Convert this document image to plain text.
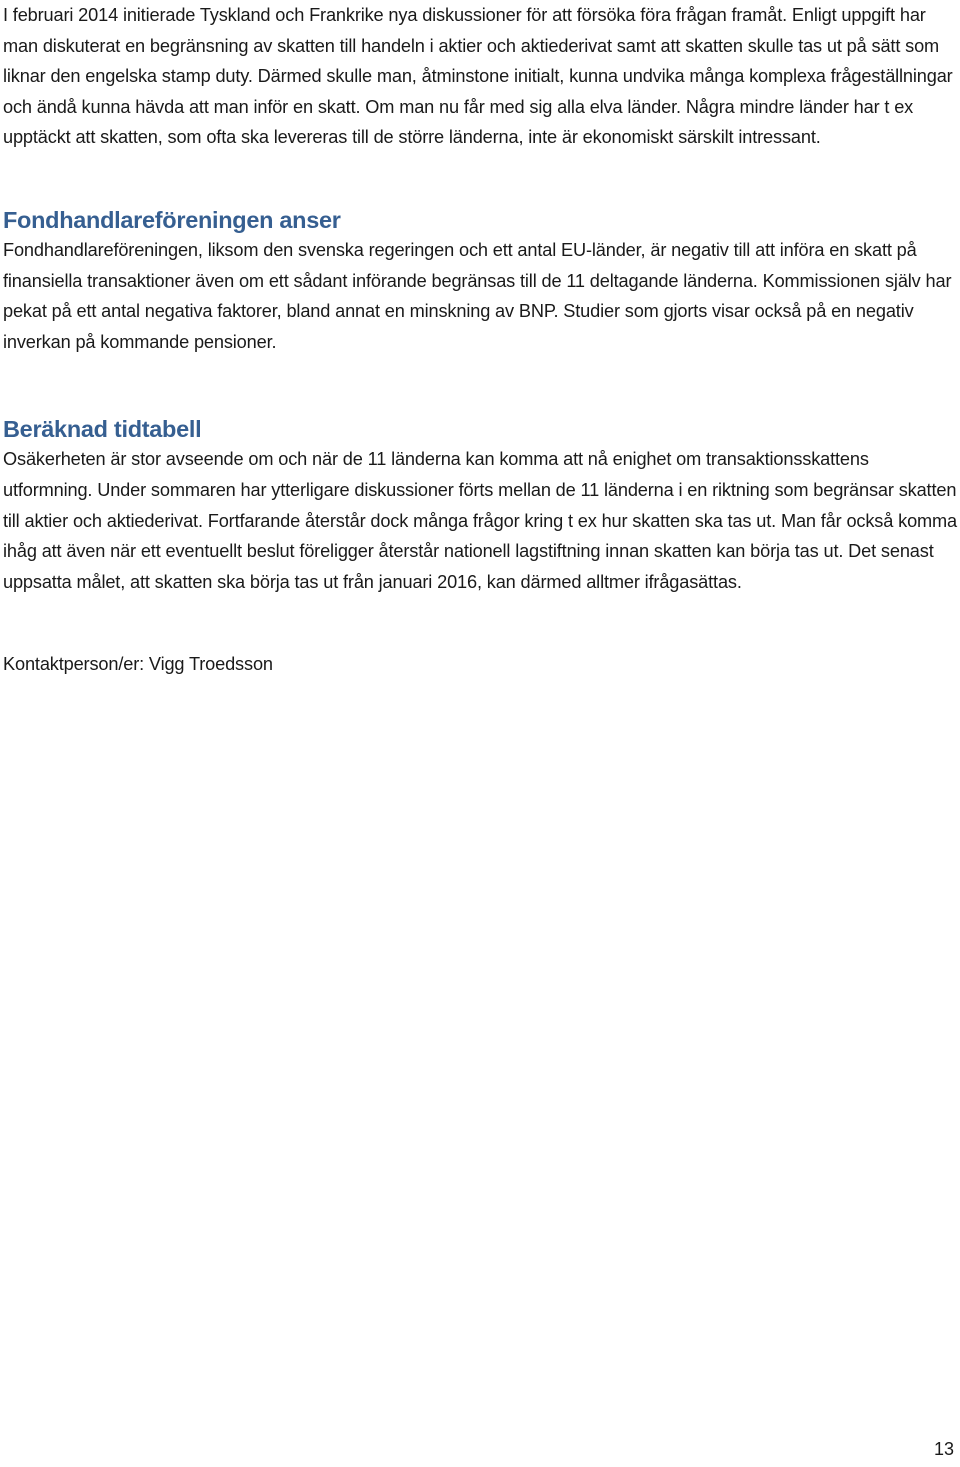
I februari 2014 initierade Tyskland och Frankrike nya diskussioner för att försöka föra frågan framåt. Enligt uppgift har man diskuterat en begränsning av skatten till handeln i aktier och aktiederivat samt att skatten skulle tas ut på sätt som liknar den engelska stamp duty. Därmed skulle man, åtminstone initialt, kunna undvika många komplexa frågeställningar och ändå kunna hävda att man inför en skatt. Om man nu får med sig alla elva länder. Några mindre länder har t ex upptäckt att skatten, som ofta ska levereras till de större länderna, inte är ekonomiskt särskilt intressant.

Fondhandlareföreningen anser

Fondhandlareföreningen, liksom den svenska regeringen och ett antal EU-länder, är negativ till att införa en skatt på finansiella transaktioner även om ett sådant införande begränsas till de 11 deltagande länderna. Kommissionen själv har pekat på ett antal negativa faktorer, bland annat en minskning av BNP. Studier som gjorts visar också på en negativ inverkan på kommande pensioner.

Beräknad tidtabell

Osäkerheten är stor avseende om och när de 11 länderna kan komma att nå enighet om transaktionsskattens utformning. Under sommaren har ytterligare diskussioner förts mellan de 11 länderna i en riktning som begränsar skatten till aktier och aktiederivat. Fortfarande återstår dock många frågor kring t ex hur skatten ska tas ut. Man får också komma ihåg att även när ett eventuellt beslut föreligger återstår nationell lagstiftning innan skatten kan börja tas ut. Det senast uppsatta målet, att skatten ska börja tas ut från januari 2016, kan därmed alltmer ifrågasättas.

Kontaktperson/er: Vigg Troedsson

13
